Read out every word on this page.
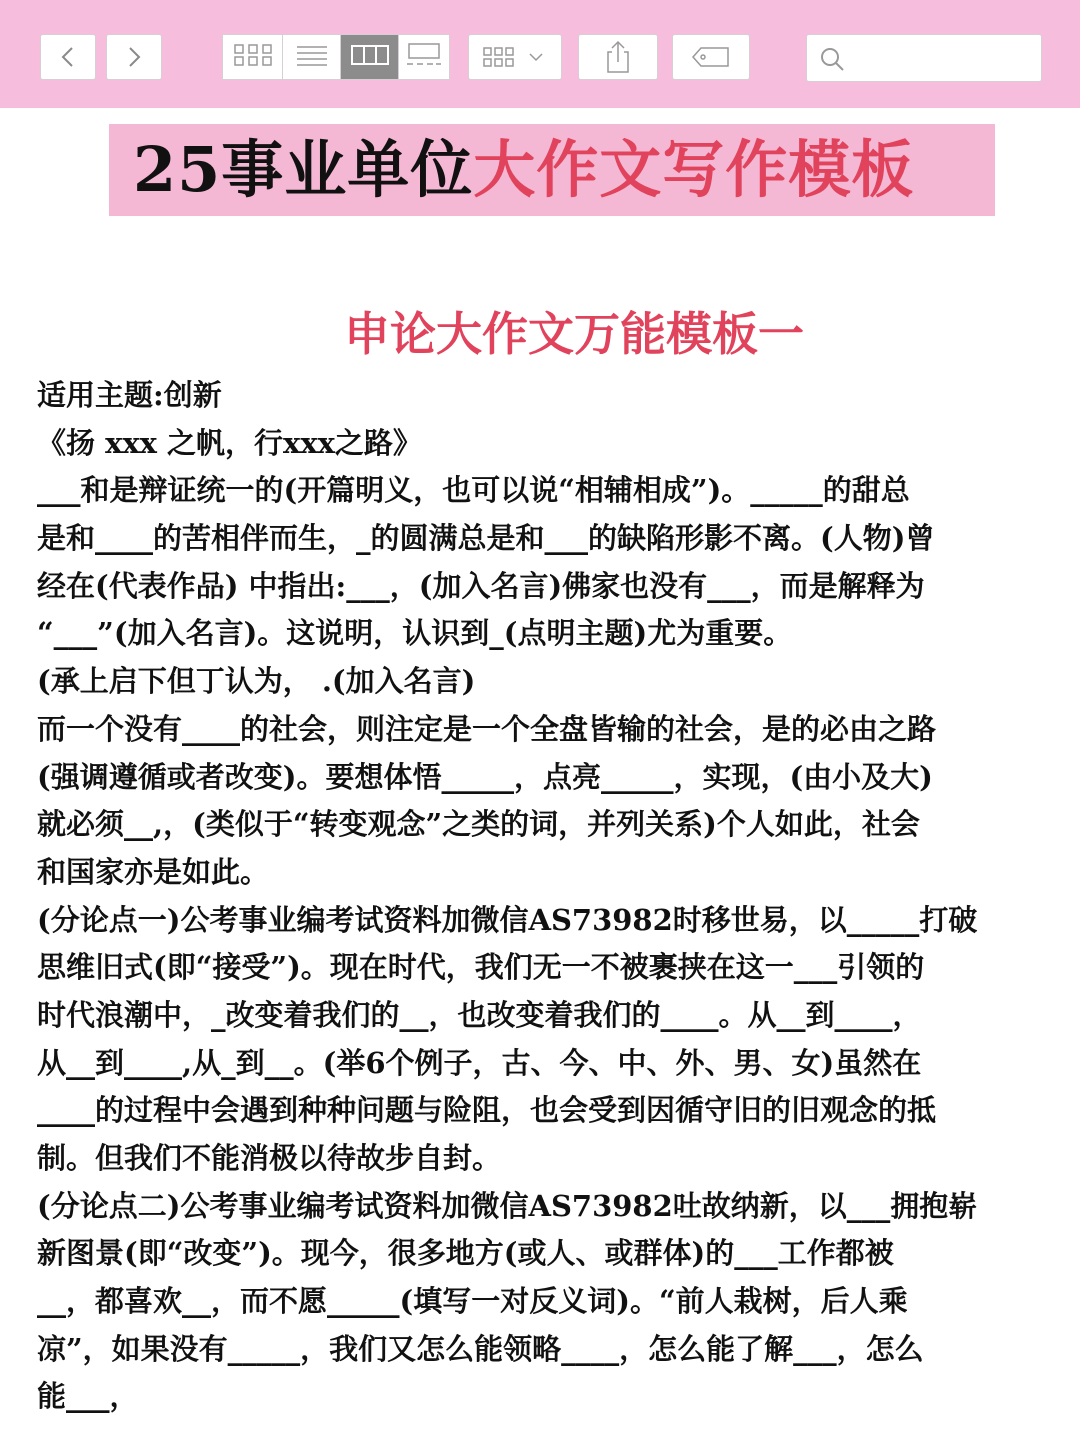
25事业单位大作文写作模板
申论大作文万能模板一
适用主题:创新
《扬 xxx 之帆，行xxx之路》
___和是辩证统一的(开篇明义，也可以说“相辅相成”)。_____的甜总
是和____的苦相伴而生，_的圆满总是和___的缺陷形影不离。(人物)曾
经在(代表作品) 中指出:___，(加入名言)佛家也没有___，而是解释为
“___”(加入名言)。这说明，认识到_(点明主题)尤为重要。
(承上启下但丁认为， .(加入名言)
而一个没有____的社会，则注定是一个全盘皆输的社会，是的必由之路
(强调遵循或者改变)。要想体悟_____，点亮_____，实现，(由小及大)
就必须__,，(类似于“转变观念”之类的词，并列关系)个人如此，社会
和国家亦是如此。
(分论点一)公考事业编考试资料加微信AS73982时移世易，以_____打破
思维旧式(即“接受”)。现在时代，我们无一不被裹挟在这一___引领的
时代浪潮中，_改变着我们的__，也改变着我们的____。从__到____，
从__到____,从_到__。(举6个例子，古、今、中、外、男、女)虽然在
____的过程中会遇到种种问题与险阻，也会受到因循守旧的旧观念的抵
制。但我们不能消极以待故步自封。
(分论点二)公考事业编考试资料加微信AS73982吐故纳新，以___拥抱崭
新图景(即“改变”)。现今，很多地方(或人、或群体)的___工作都被
__，都喜欢__，而不愿_____(填写一对反义词)。“前人栽树，后人乘
凉”，如果没有_____，我们又怎么能领略____，怎么能了解___，怎么
能___，
